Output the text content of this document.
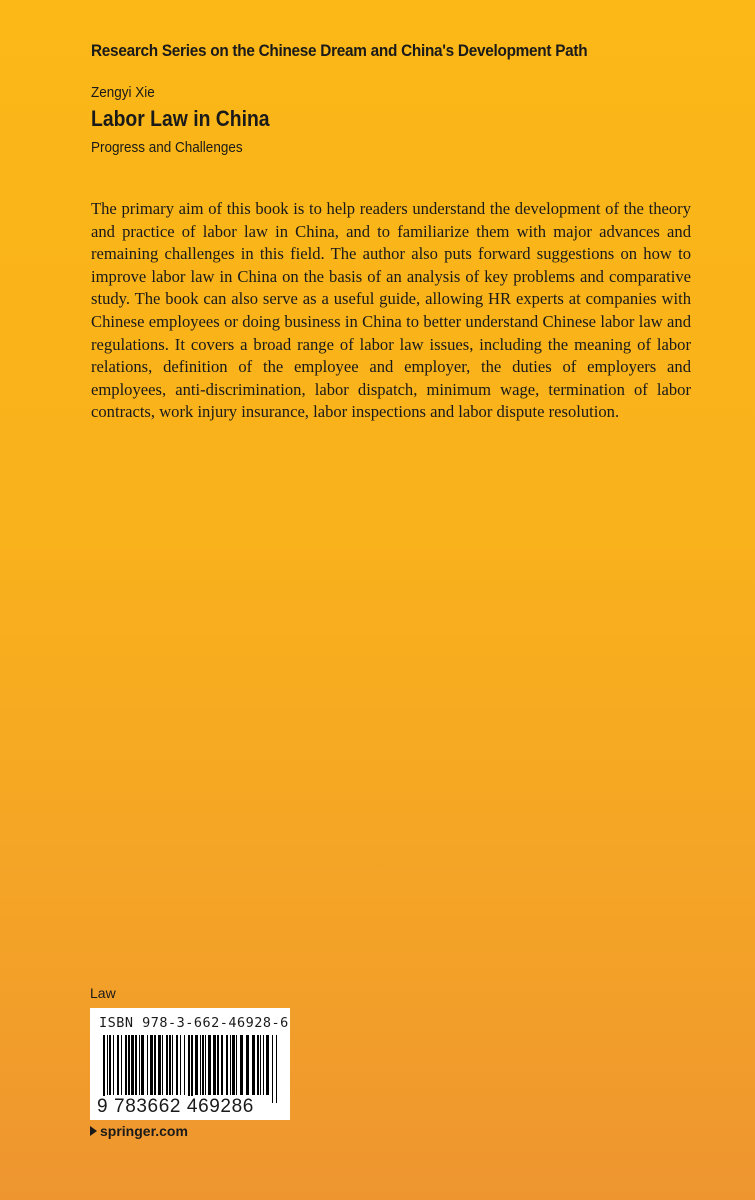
Research Series on the Chinese Dream and China's Development Path
Zengyi Xie
Labor Law in China
Progress and Challenges

The primary aim of this book is to help readers understand the development of the theory and practice of labor law in China, and to familiarize them with major advances and remaining challenges in this field. The author also puts forward suggestions on how to improve labor law in China on the basis of an analysis of key problems and comparative study. The book can also serve as a useful guide, allowing HR experts at companies with Chinese employees or doing business in China to better understand Chinese labor law and regulations. It covers a broad range of labor law issues, including the meaning of labor relations, definition of the employee and employer, the duties of employers and employees, anti-discrimination, labor dispatch, minimum wage, termination of labor contracts, work injury insurance, labor inspections and labor dispute resolution.

Law
ISBN 978-3-662-46928-6
9 783662 469286
springer.com
